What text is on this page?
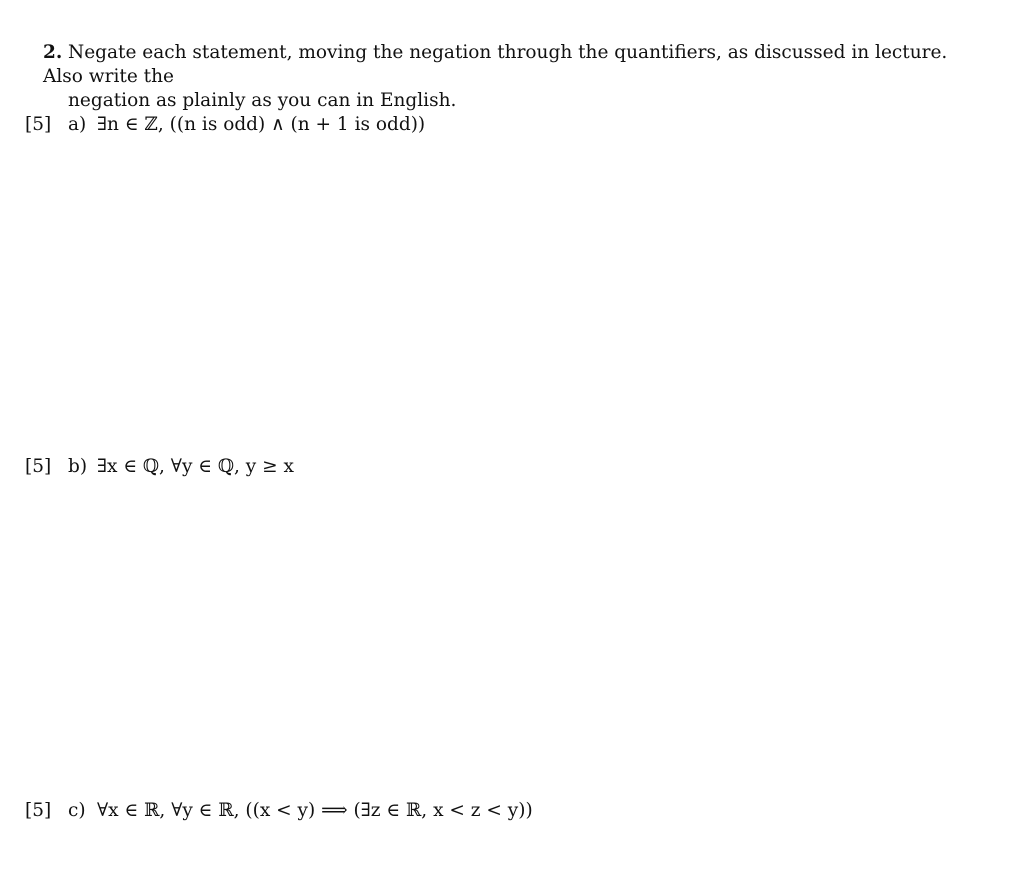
2. Negate each statement, moving the negation through the quantifiers, as discussed in lecture. Also write the
negation as plainly as you can in English.
[5] a) ∃n ∈ ℤ, ((n is odd) ∧ (n + 1 is odd))
[5] b) ∃x ∈ ℚ, ∀y ∈ ℚ, y ≥ x
[5] c) ∀x ∈ ℝ, ∀y ∈ ℝ, ((x < y) ⟹ (∃z ∈ ℝ, x < z < y))
